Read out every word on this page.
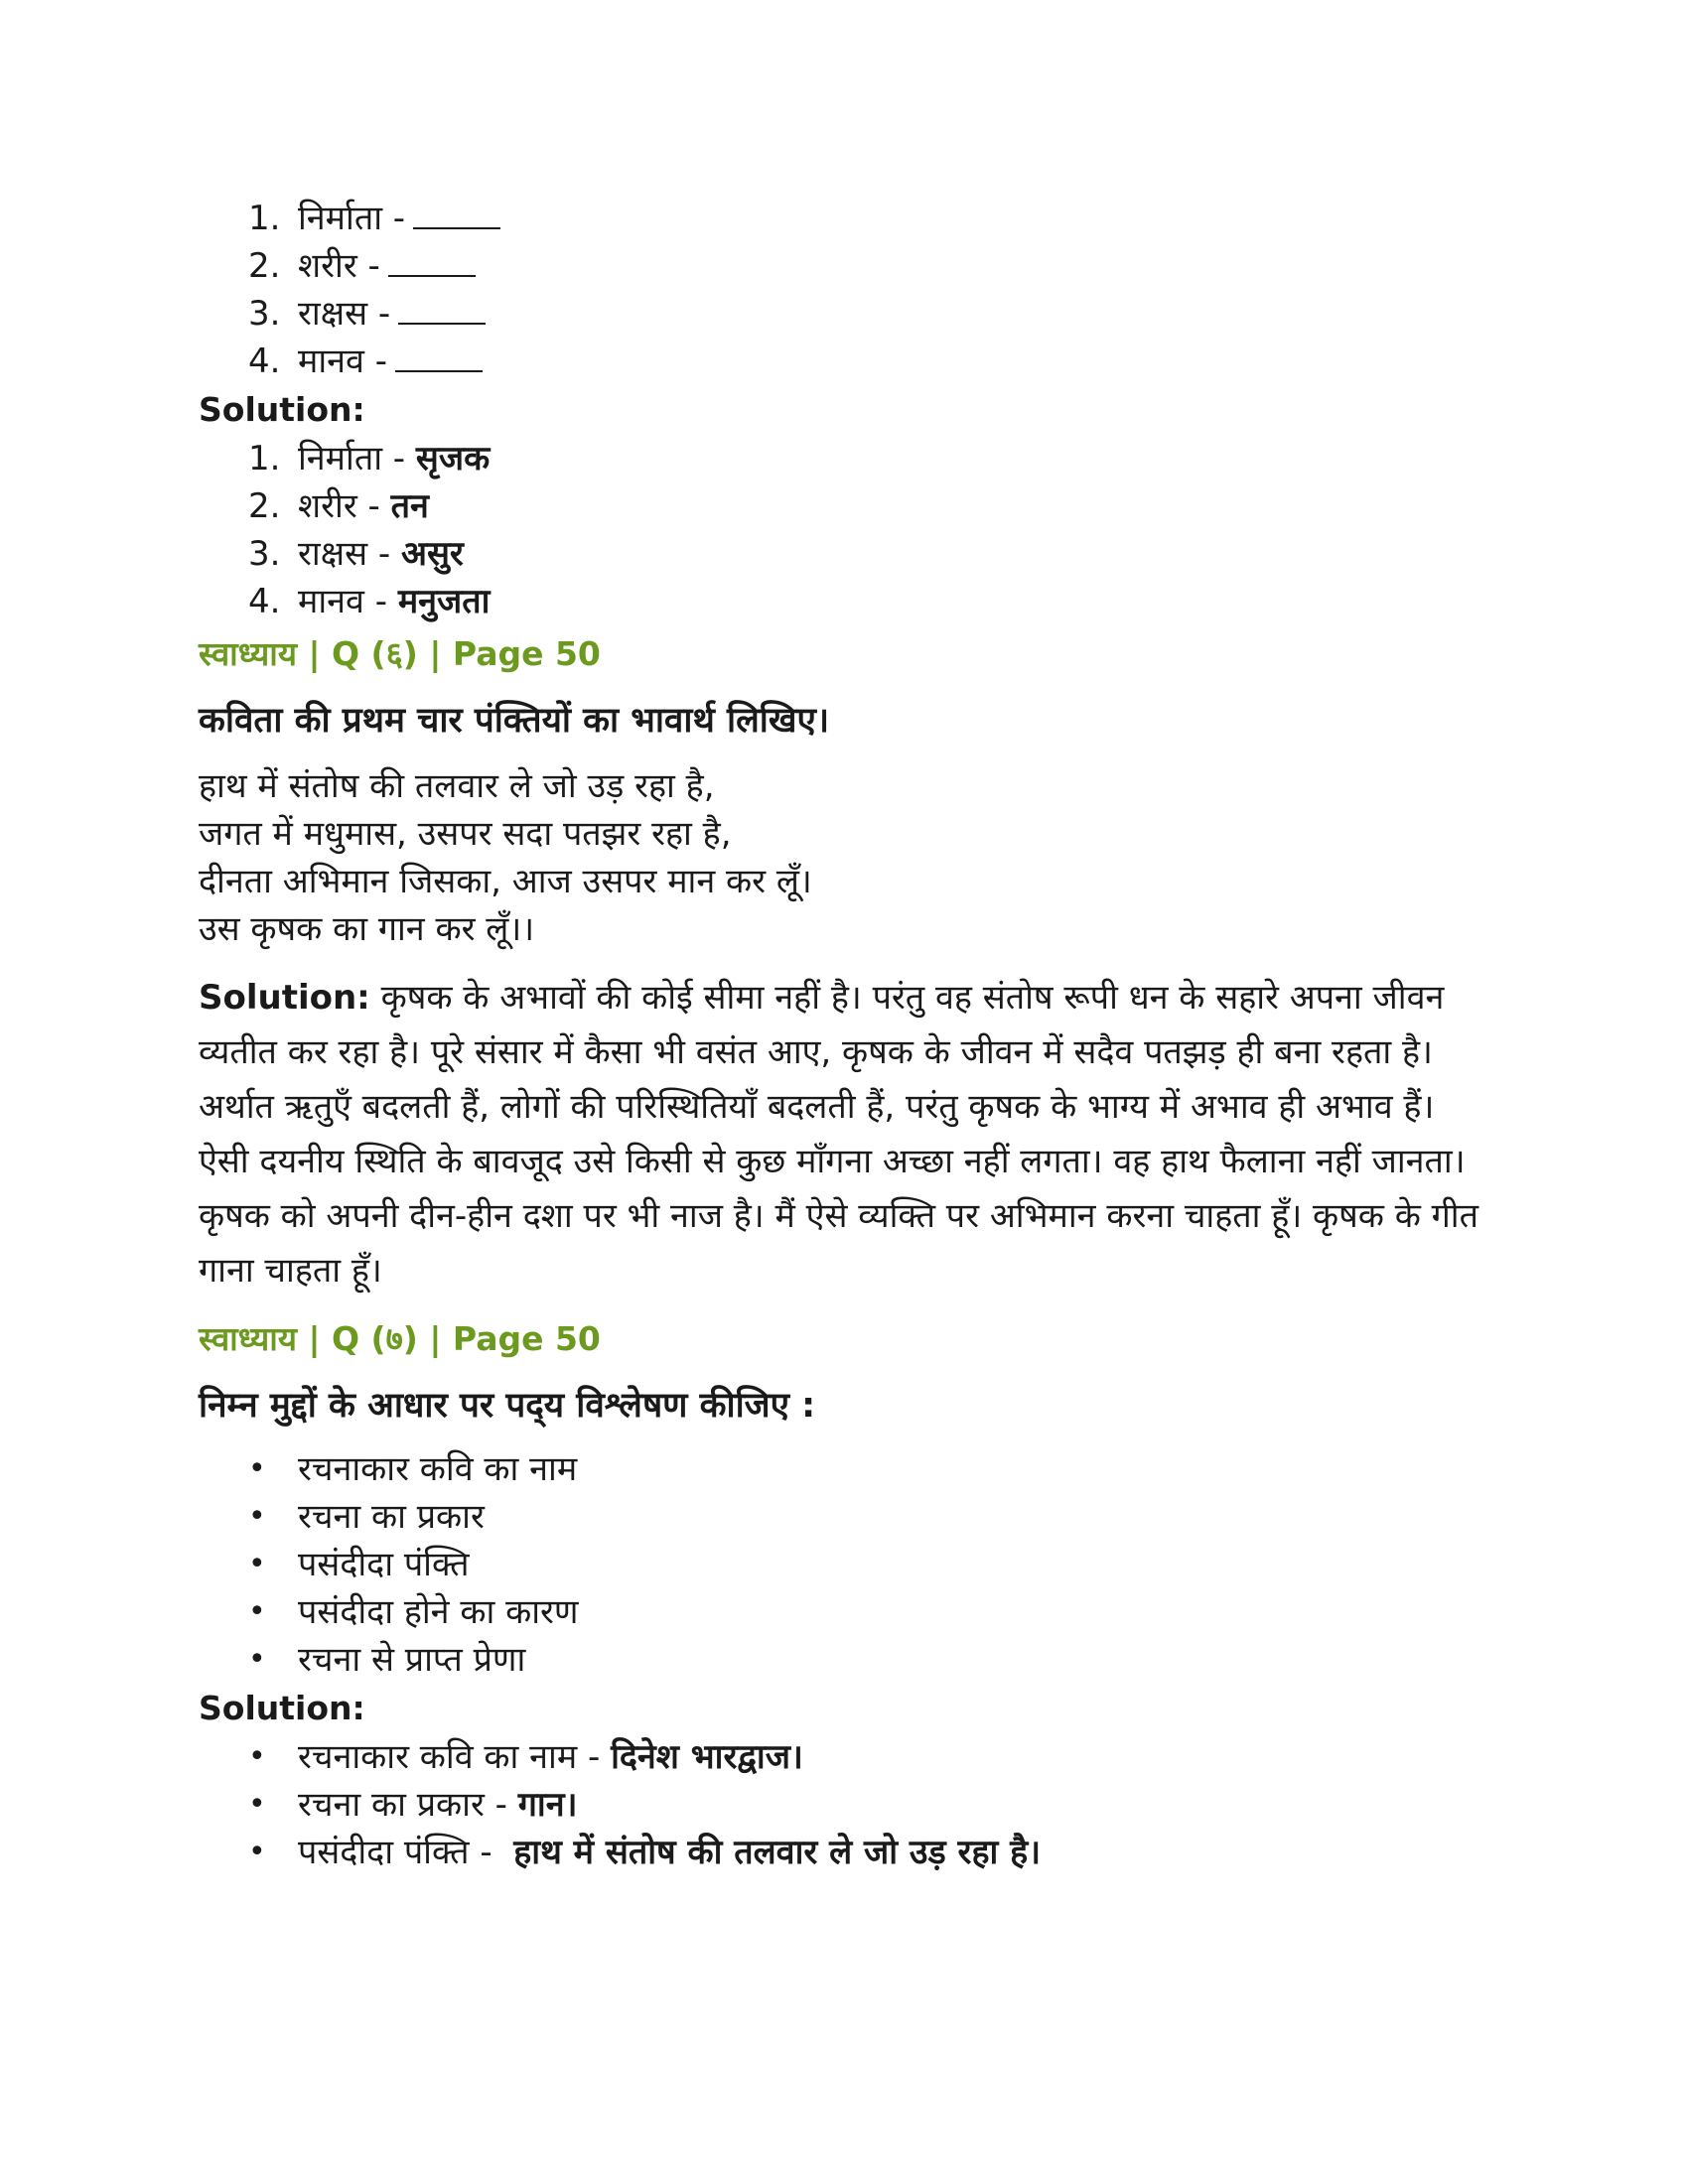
1. निर्माता -
2. शरीर -
3. राक्षस -
4. मानव -
Solution:
1. निर्माता - सृजक
2. शरीर - तन
3. राक्षस - असुर
4. मानव - मनुजता
स्वाध्याय | Q (६) | Page 50
कविता की प्रथम चार पंक्तियों का भावार्थ लिखिए।
हाथ में संतोष की तलवार ले जो उड़ रहा है,
जगत में मधुमास, उसपर सदा पतझर रहा है,
दीनता अभिमान जिसका, आज उसपर मान कर लूँ।
उस कृषक का गान कर लूँ।।
Solution: कृषक के अभावों की कोई सीमा नहीं है। परंतु वह संतोष रूपी धन के सहारे अपना जीवन व्यतीत कर रहा है। पूरे संसार में कैसा भी वसंत आए, कृषक के जीवन में सदैव पतझड़ ही बना रहता है। अर्थात ऋतुएँ बदलती हैं, लोगों की परिस्थितियाँ बदलती हैं, परंतु कृषक के भाग्य में अभाव ही अभाव हैं। ऐसी दयनीय स्थिति के बावजूद उसे किसी से कुछ माँगना अच्छा नहीं लगता। वह हाथ फैलाना नहीं जानता। कृषक को अपनी दीन-हीन दशा पर भी नाज है। मैं ऐसे व्यक्ति पर अभिमान करना चाहता हूँ। कृषक के गीत गाना चाहता हूँ।
स्वाध्याय | Q (७) | Page 50
निम्न मुद्दों के आधार पर पद्‌य विश्लेषण कीजिए :
• रचनाकार कवि का नाम
• रचना का प्रकार
• पसंदीदा पंक्ति
• पसंदीदा होने का कारण
• रचना से प्राप्त प्रेणा
Solution:
• रचनाकार कवि का नाम - दिनेश भारद्वाज।
• रचना का प्रकार - गान।
• पसंदीदा पंक्ति - हाथ में संतोष की तलवार ले जो उड़ रहा है।
